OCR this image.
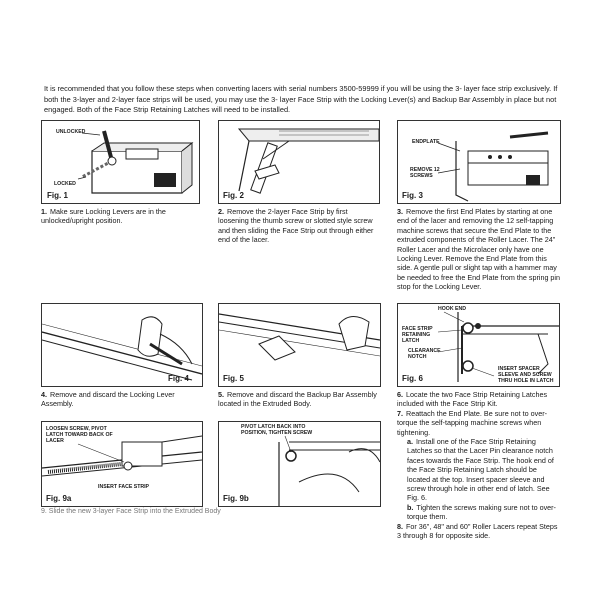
It is recommended that you follow these steps when converting lacers with serial numbers 3500-59999 if you will be using the 3- layer face strip exclusively. If both the 3-layer and 2-layer face strips will be used, you may use the 3- layer Face Strip with the Locking Lever(s) and Backup Bar Assembly in place but not engaged. Both of the Face Strip Retaining Latches will need to be installed.
UNLOCKED
LOCKED
Fig. 1	Fig. 2
ENDPLATE
REMOVE 12 SCREWS
Fig. 3
1. Make sure Locking Levers are in the unlocked/upright position.
2. Remove the 2-layer Face Strip by first loosening the thumb screw or slotted style screw and then sliding the Face Strip out through either end of the lacer.
3. Remove the first End Plates by starting at one end of the lacer and removing the 12 self-tapping machine screws that secure the End Plate to the extruded components of the Roller Lacer. The 24" Roller Lacer and the Microlacer only have one Locking Lever. Remove the End Plate from this side. A gentle pull or slight tap with a hammer may be needed to free the End Plate from the spring pin stop for the Locking Lever.
Fig. 4	Fig. 5
HOOK END
FACE STRIP RETAINING LATCH
CLEARANCE NOTCH
INSERT SPACER SLEEVE AND SCREW THRU HOLE IN LATCH
Fig. 6
4. Remove and discard the Locking Lever Assembly.
5. Remove and discard the Backup Bar Assembly located in the Extruded Body.
6. Locate the two Face Strip Retaining Latches included with the Face Strip Kit.
7. Reattach the End Plate. Be sure not to over-torque the self-tapping machine screws when tightening.
a. Install one of the Face Strip Retaining Latches so that the Lacer Pin clearance notch faces towards the Face Strip. The hook end of the Face Strip Retaining Latch should be located at the top. Insert spacer sleeve and screw through hole in other end of latch. See Fig. 6.
b. Tighten the screws making sure not to over-torque them.
8. For 36", 48" and 60" Roller Lacers repeat Steps 3 through 8 for opposite side.
LOOSEN SCREW, PIVOT LATCH TOWARD BACK OF LACER
INSERT FACE STRIP
Fig. 9a
PIVOT LATCH BACK INTO POSITION, TIGHTEN SCREW
Fig. 9b
9. Slide the new 3-layer Face Strip into the Extruded Body
